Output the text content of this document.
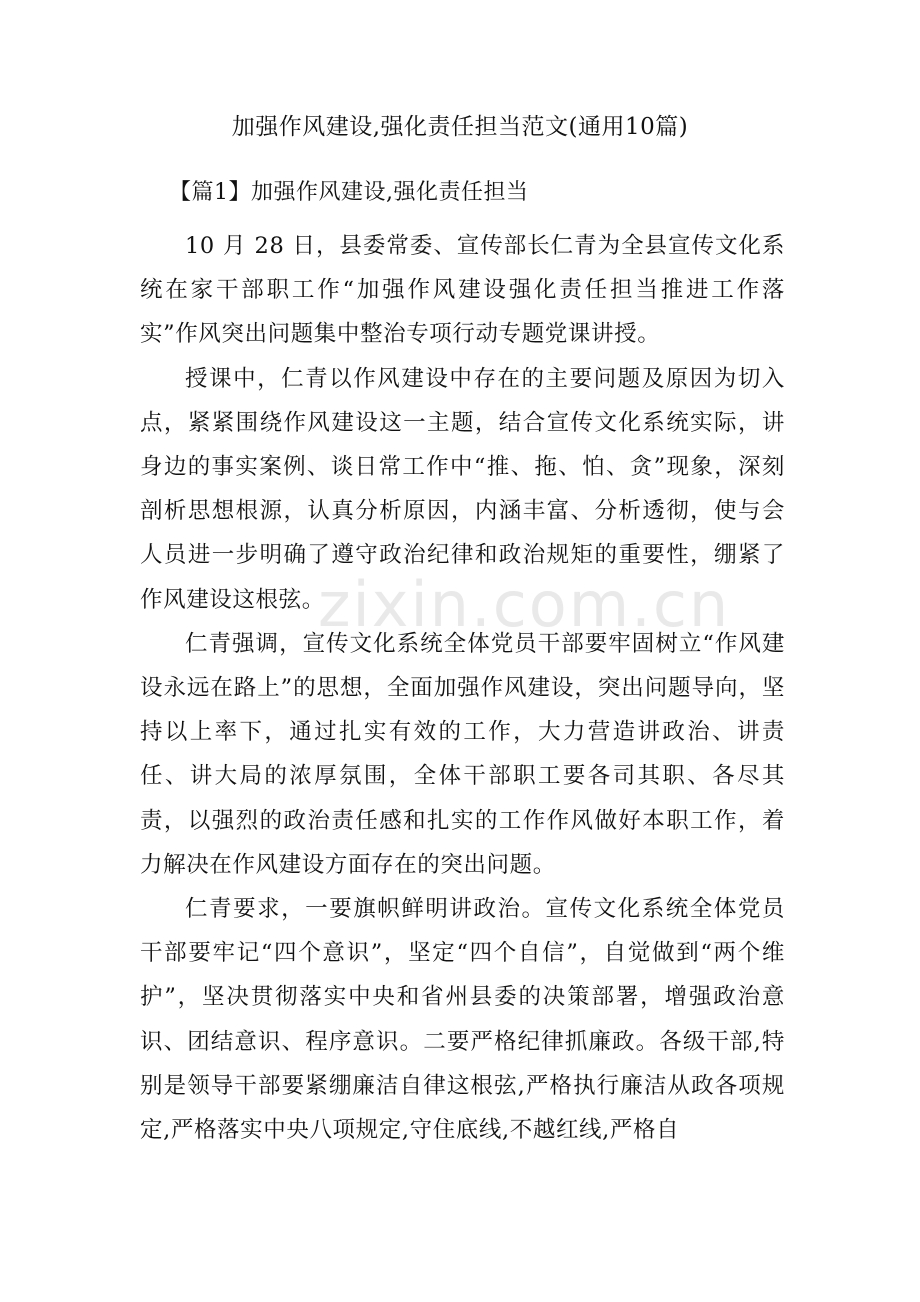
zixin.com.cn
加强作风建设,强化责任担当范文(通用10篇)
【篇1】加强作风建设,强化责任担当

10 月 28 日，县委常委、宣传部长仁青为全县宣传文化系统在家干部职工作“加强作风建设强化责任担当推进工作落实”作风突出问题集中整治专项行动专题党课讲授。

授课中，仁青以作风建设中存在的主要问题及原因为切入点，紧紧围绕作风建设这一主题，结合宣传文化系统实际，讲身边的事实案例、谈日常工作中“推、拖、怕、贪”现象，深刻剖析思想根源，认真分析原因，内涵丰富、分析透彻，使与会人员进一步明确了遵守政治纪律和政治规矩的重要性，绷紧了作风建设这根弦。

仁青强调，宣传文化系统全体党员干部要牢固树立“作风建设永远在路上”的思想，全面加强作风建设，突出问题导向，坚持以上率下，通过扎实有效的工作，大力营造讲政治、讲责任、讲大局的浓厚氛围，全体干部职工要各司其职、各尽其责，以强烈的政治责任感和扎实的工作作风做好本职工作，着力解决在作风建设方面存在的突出问题。

仁青要求，一要旗帜鲜明讲政治。宣传文化系统全体党员干部要牢记“四个意识”，坚定“四个自信”，自觉做到“两个维护”，坚决贯彻落实中央和省州县委的决策部署，增强政治意识、团结意识、程序意识。二要严格纪律抓廉政。各级干部,特别是领导干部要紧绷廉洁自律这根弦,严格执行廉洁从政各项规定,严格落实中央八项规定,守住底线,不越红线,严格自
